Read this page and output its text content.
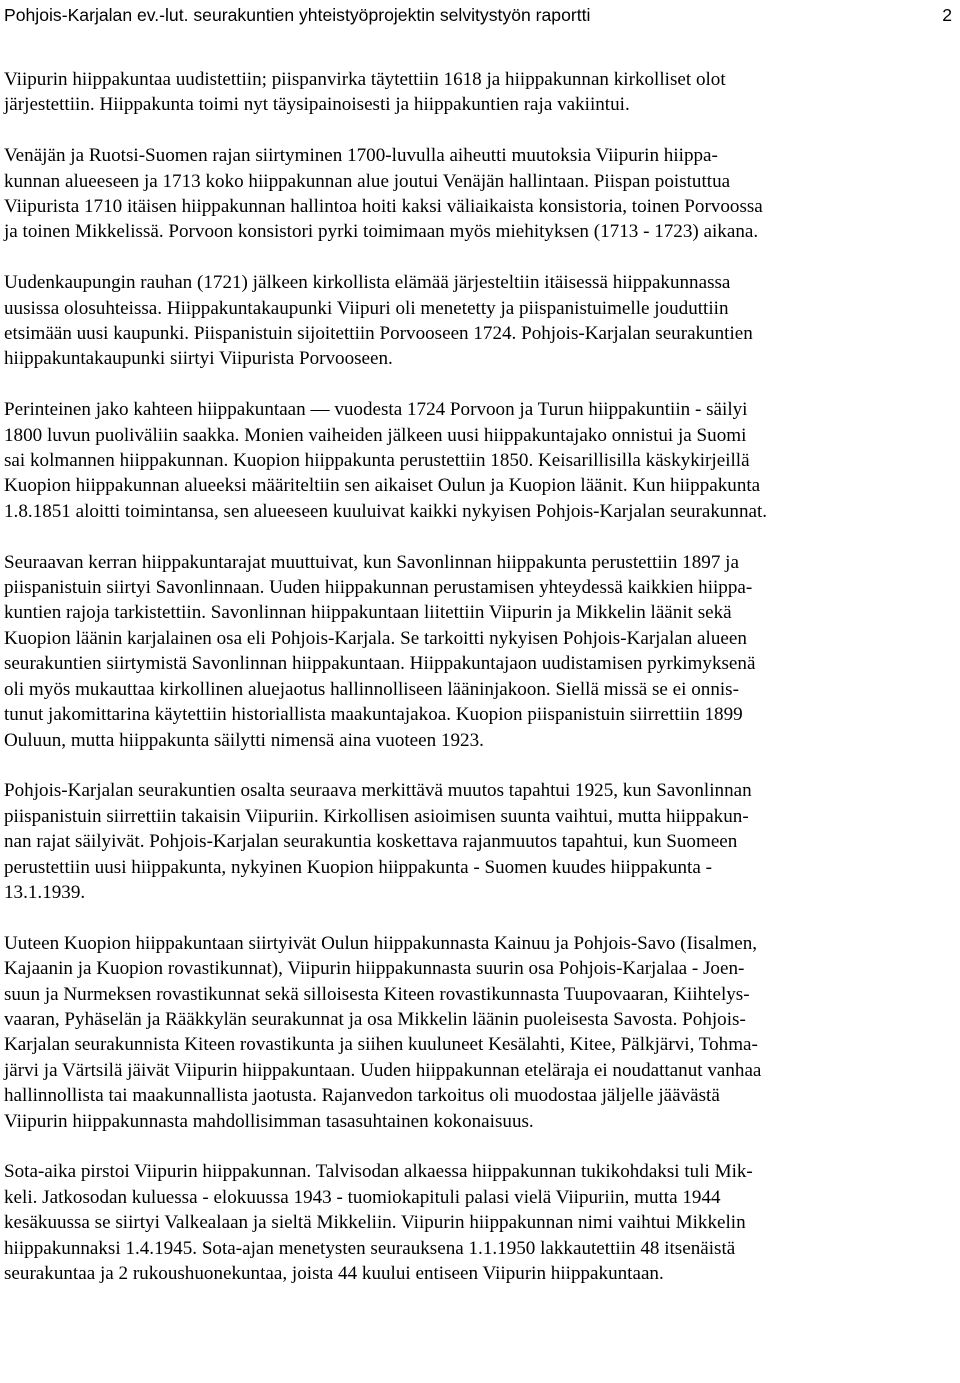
Pohjois-Karjalan ev.-lut. seurakuntien yhteistyöprojektin selvitystyön raportti	2

Viipurin hiippakuntaa uudistettiin; piispanvirka täytettiin 1618 ja hiippakunnan kirkolliset olot
järjestettiin. Hiippakunta toimi nyt täysipainoisesti ja hiippakuntien raja vakiintui.

Venäjän ja Ruotsi-Suomen rajan siirtyminen 1700-luvulla aiheutti muutoksia Viipurin hiippa-
kunnan alueeseen ja 1713 koko hiippakunnan alue joutui Venäjän hallintaan. Piispan poistuttua
Viipurista 1710 itäisen hiippakunnan hallintoa hoiti kaksi väliaikaista konsistoria, toinen Porvoossa
ja toinen Mikkelissä. Porvoon konsistori pyrki toimimaan myös miehityksen (1713 - 1723) aikana.

Uudenkaupungin rauhan (1721) jälkeen kirkollista elämää järjesteltiin itäisessä hiippakunnassa
uusissa olosuhteissa. Hiippakuntakaupunki Viipuri oli menetetty ja piispanistuimelle jouduttiin
etsimään uusi kaupunki. Piispanistuin sijoitettiin Porvooseen 1724. Pohjois-Karjalan seurakuntien
hiippakuntakaupunki siirtyi Viipurista Porvooseen.

Perinteinen jako kahteen hiippakuntaan — vuodesta 1724 Porvoon ja Turun hiippakuntiin - säilyi
1800 luvun puoliväliin saakka. Monien vaiheiden jälkeen uusi hiippakuntajako onnistui ja Suomi
sai kolmannen hiippakunnan. Kuopion hiippakunta perustettiin 1850. Keisarillisilla käskykirjeillä
Kuopion hiippakunnan alueeksi määriteltiin sen aikaiset Oulun ja Kuopion läänit. Kun hiippakunta
1.8.1851 aloitti toimintansa, sen alueeseen kuuluivat kaikki nykyisen Pohjois-Karjalan seurakunnat.

Seuraavan kerran hiippakuntarajat muuttuivat, kun Savonlinnan hiippakunta perustettiin 1897 ja
piispanistuin siirtyi Savonlinnaan. Uuden hiippakunnan perustamisen yhteydessä kaikkien hiippa-
kuntien rajoja tarkistettiin. Savonlinnan hiippakuntaan liitettiin Viipurin ja Mikkelin läänit sekä
Kuopion läänin karjalainen osa eli Pohjois-Karjala. Se tarkoitti nykyisen Pohjois-Karjalan alueen
seurakuntien siirtymistä Savonlinnan hiippakuntaan. Hiippakuntajaon uudistamisen pyrkimyksenä
oli myös mukauttaa kirkollinen aluejaotus hallinnolliseen lääninjakoon. Siellä missä se ei onnis-
tunut jakomittarina käytettiin historiallista maakuntajakoa. Kuopion piispanistuin siirrettiin 1899
Ouluun, mutta hiippakunta säilytti nimensä aina vuoteen 1923.

Pohjois-Karjalan seurakuntien osalta seuraava merkittävä muutos tapahtui 1925, kun Savonlinnan
piispanistuin siirrettiin takaisin Viipuriin. Kirkollisen asioimisen suunta vaihtui, mutta hiippakun-
nan rajat säilyivät. Pohjois-Karjalan seurakuntia koskettava rajanmuutos tapahtui, kun Suomeen
perustettiin uusi hiippakunta, nykyinen Kuopion hiippakunta - Suomen kuudes hiippakunta -
13.1.1939.

Uuteen Kuopion hiippakuntaan siirtyivät Oulun hiippakunnasta Kainuu ja Pohjois-Savo (Iisalmen,
Kajaanin ja Kuopion rovastikunnat), Viipurin hiippakunnasta suurin osa Pohjois-Karjalaa - Joen-
suun ja Nurmeksen rovastikunnat sekä silloisesta Kiteen rovastikunnasta Tuupovaaran, Kiihtelys-
vaaran, Pyhäselän ja Rääkkylän seurakunnat ja osa Mikkelin läänin puoleisesta Savosta. Pohjois-
Karjalan seurakunnista Kiteen rovastikunta ja siihen kuuluneet Kesälahti, Kitee, Pälkjärvi, Tohma-
järvi ja Värtsilä jäivät Viipurin hiippakuntaan. Uuden hiippakunnan eteläraja ei noudattanut vanhaa
hallinnollista tai maakunnallista jaotusta. Rajanvedon tarkoitus oli muodostaa jäljelle jäävästä
Viipurin hiippakunnasta mahdollisimman tasasuhtainen kokonaisuus.

Sota-aika pirstoi Viipurin hiippakunnan. Talvisodan alkaessa hiippakunnan tukikohdaksi tuli Mik-
keli. Jatkosodan kuluessa - elokuussa 1943 - tuomiokapituli palasi vielä Viipuriin, mutta 1944
kesäkuussa se siirtyi Valkealaan ja sieltä Mikkeliin. Viipurin hiippakunnan nimi vaihtui Mikkelin
hiippakunnaksi 1.4.1945. Sota-ajan menetysten seurauksena 1.1.1950 lakkautettiin 48 itsenäistä
seurakuntaa ja 2 rukoushuonekuntaa, joista 44 kuului entiseen Viipurin hiippakuntaan.
